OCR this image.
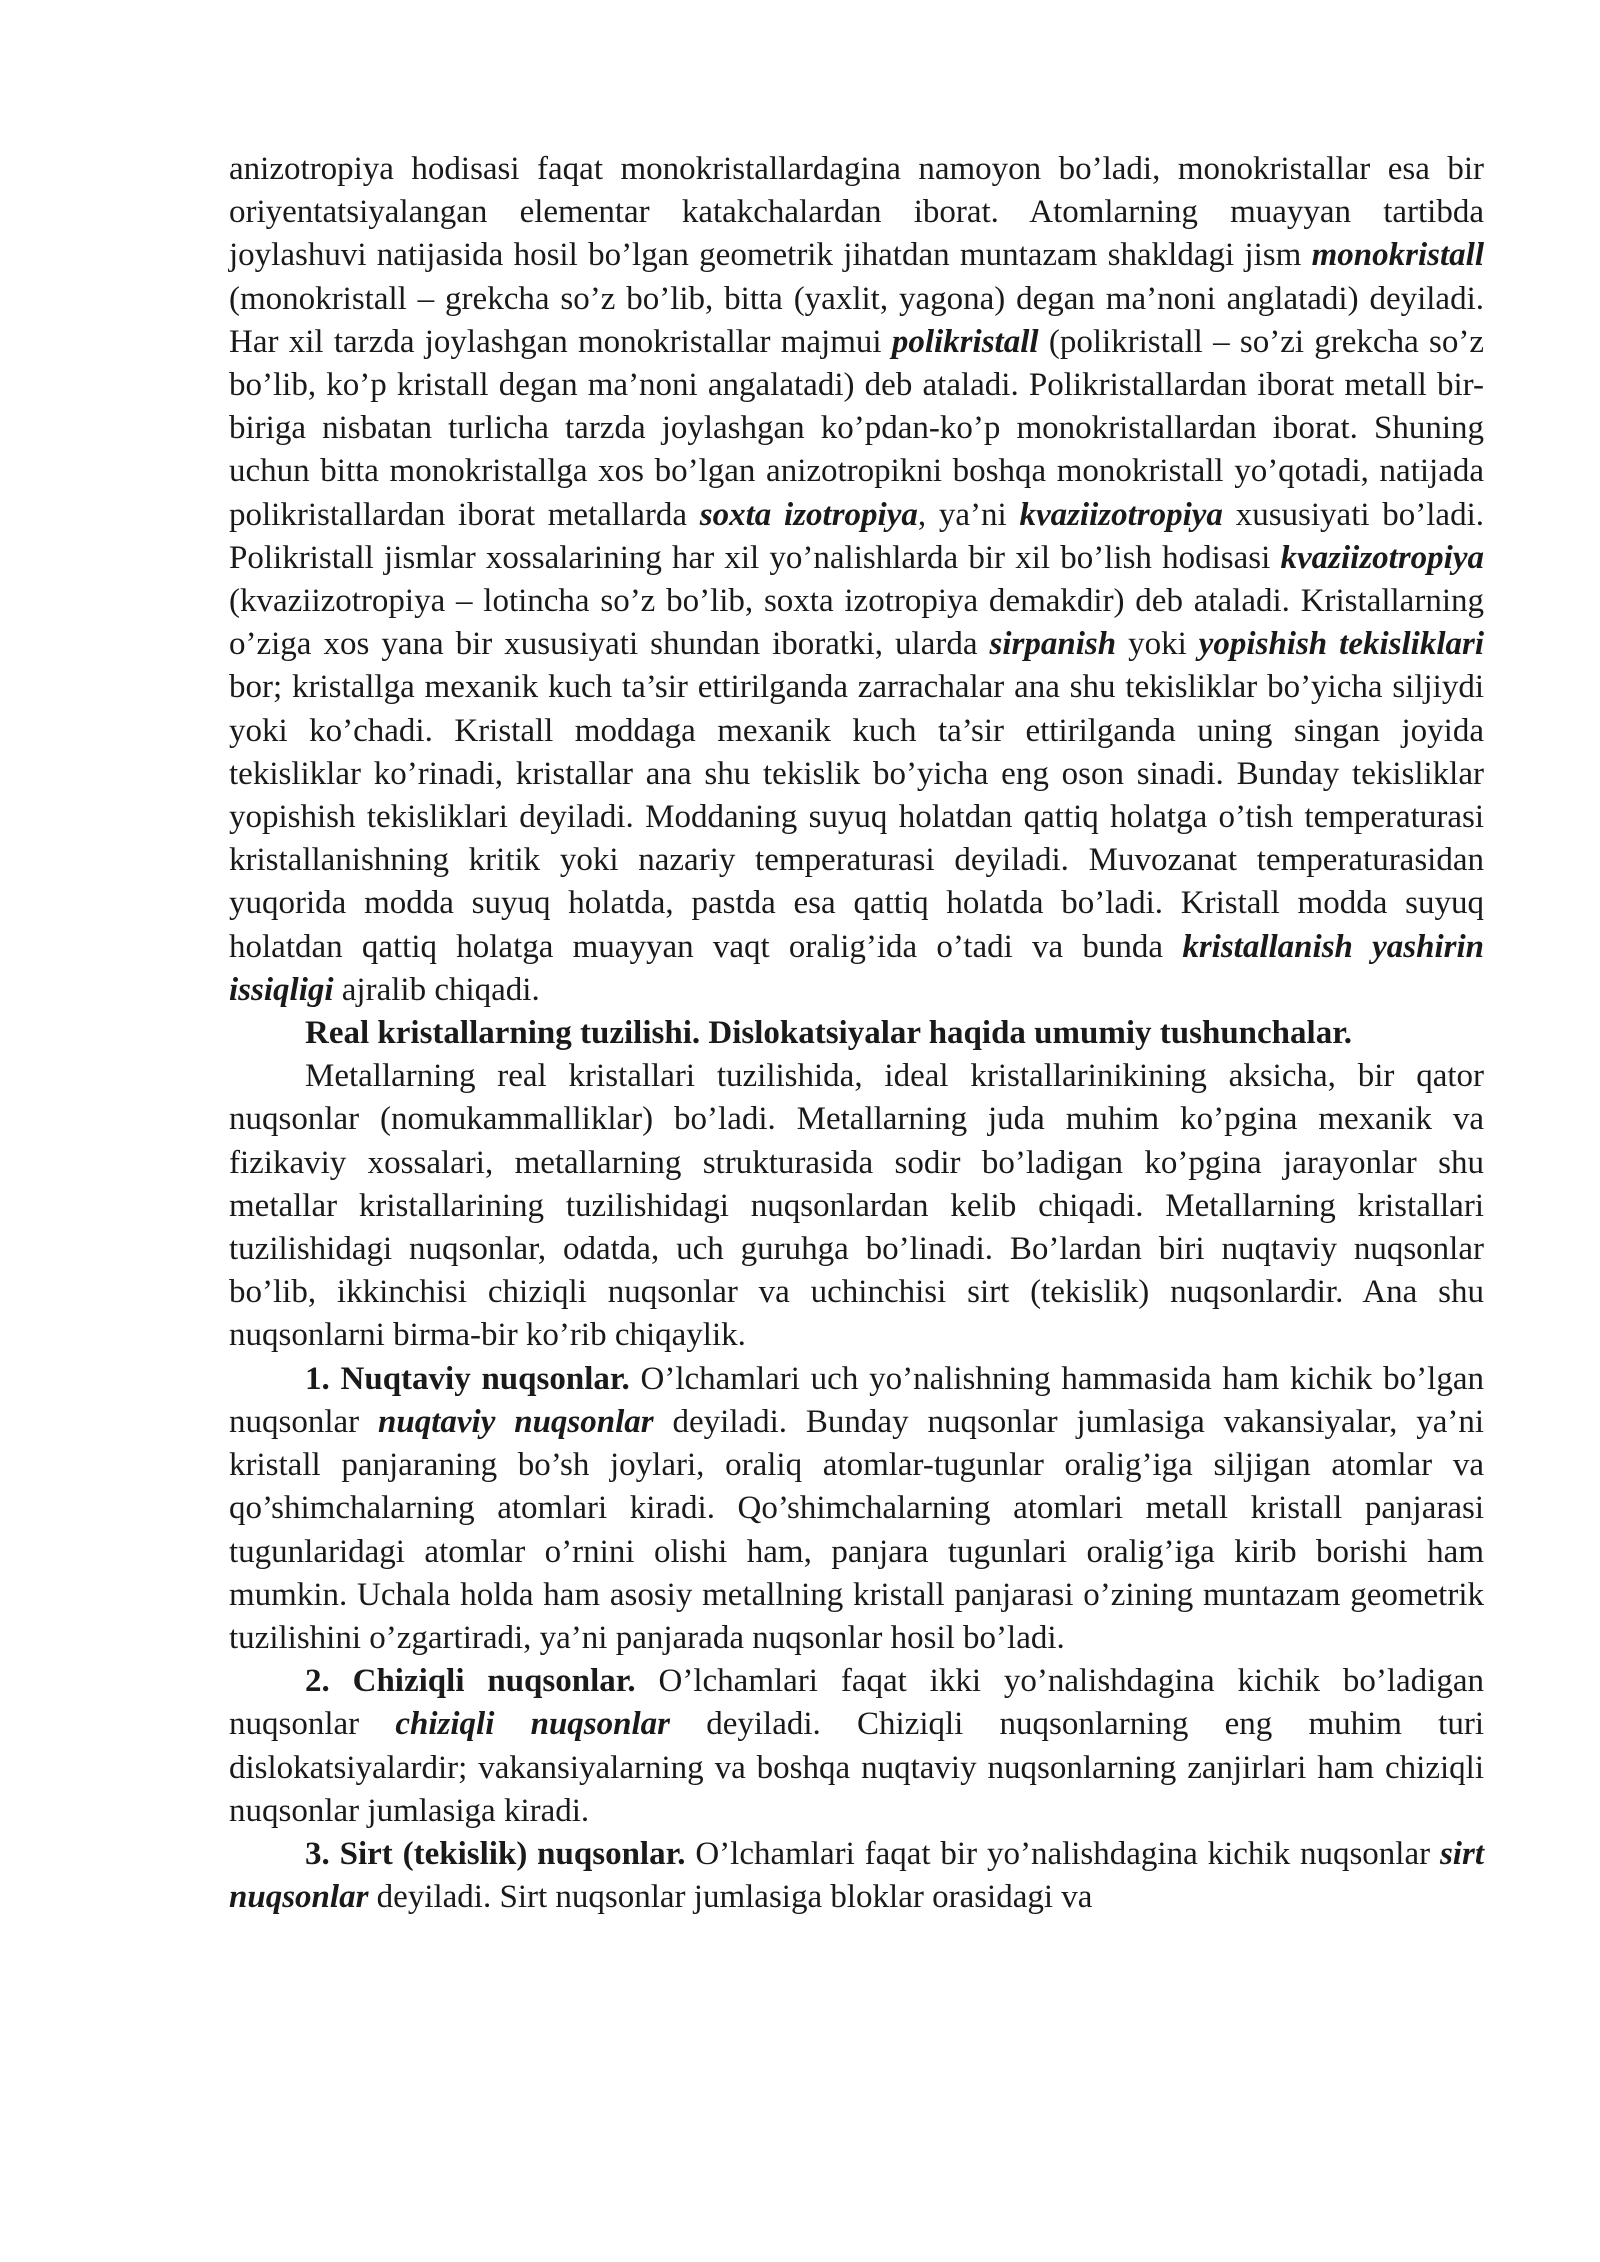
anizotropiya hodisasi faqat monokristallardagina namoyon bo’ladi, monokristallar esa bir oriyentatsiyalangan elementar katakchalardan iborat. Atomlarning muayyan tartibda joylashuvi natijasida hosil bo’lgan geometrik jihatdan muntazam shakldagi jism monokristall (monokristall – grekcha so’z bo’lib, bitta (yaxlit, yagona) degan ma’noni anglatadi) deyiladi. Har xil tarzda joylashgan monokristallar majmui polikristall (polikristall – so’zi grekcha so’z bo’lib, ko’p kristall degan ma’noni angalatadi) deb ataladi. Polikristallardan iborat metall bir-biriga nisbatan turlicha tarzda joylashgan ko’pdan-ko’p monokristallardan iborat. Shuning uchun bitta monokristallga xos bo’lgan anizotropikni boshqa monokristall yo’qotadi, natijada polikristallardan iborat metallarda soxta izotropiya, ya’ni kvaziizotropiya xususiyati bo’ladi. Polikristall jismlar xossalarining har xil yo’nalishlarda bir xil bo’lish hodisasi kvaziizotropiya (kvaziizotropiya – lotincha so’z bo’lib, soxta izotropiya demakdir) deb ataladi. Kristallarning o’ziga xos yana bir xususiyati shundan iboratki, ularda sirpanish yoki yopishish tekisliklari bor; kristallga mexanik kuch ta’sir ettirilganda zarrachalar ana shu tekisliklar bo’yicha siljiydi yoki ko’chadi. Kristall moddaga mexanik kuch ta’sir ettirilganda uning singan joyida tekisliklar ko’rinadi, kristallar ana shu tekislik bo’yicha eng oson sinadi. Bunday tekisliklar yopishish tekisliklari deyiladi. Moddaning suyuq holatdan qattiq holatga o’tish temperaturasi kristallanishning kritik yoki nazariy temperaturasi deyiladi. Muvozanat temperaturasidan yuqorida modda suyuq holatda, pastda esa qattiq holatda bo’ladi. Kristall modda suyuq holatdan qattiq holatga muayyan vaqt oralig’ida o’tadi va bunda kristallanish yashirin issiqligi ajralib chiqadi.

Real kristallarning tuzilishi. Dislokatsiyalar haqida umumiy tushunchalar.

Metallarning real kristallari tuzilishida, ideal kristallarinikining aksicha, bir qator nuqsonlar (nomukammalliklar) bo’ladi. Metallarning juda muhim ko’pgina mexanik va fizikaviy xossalari, metallarning strukturasida sodir bo’ladigan ko’pgina jarayonlar shu metallar kristallarining tuzilishidagi nuqsonlardan kelib chiqadi. Metallarning kristallari tuzilishidagi nuqsonlar, odatda, uch guruhga bo’linadi. Bo’lardan biri nuqtaviy nuqsonlar bo’lib, ikkinchisi chiziqli nuqsonlar va uchinchisi sirt (tekislik) nuqsonlardir. Ana shu nuqsonlarni birma-bir ko’rib chiqaylik.

1. Nuqtaviy nuqsonlar. O’lchamlari uch yo’nalishning hammasida ham kichik bo’lgan nuqsonlar nuqtaviy nuqsonlar deyiladi. Bunday nuqsonlar jumlasiga vakansiyalar, ya’ni kristall panjaraning bo’sh joylari, oraliq atomlar-tugunlar oralig’iga siljigan atomlar va qo’shimchalarning atomlari kiradi. Qo’shimchalarning atomlari metall kristall panjarasi tugunlaridagi atomlar o’rnini olishi ham, panjara tugunlari oralig’iga kirib borishi ham mumkin. Uchala holda ham asosiy metallning kristall panjarasi o’zining muntazam geometrik tuzilishini o’zgartiradi, ya’ni panjarada nuqsonlar hosil bo’ladi.

2. Chiziqli nuqsonlar. O’lchamlari faqat ikki yo’nalishdagina kichik bo’ladigan nuqsonlar chiziqli nuqsonlar deyiladi. Chiziqli nuqsonlarning eng muhim turi dislokatsiyalardir; vakansiyalarning va boshqa nuqtaviy nuqsonlarning zanjirlari ham chiziqli nuqsonlar jumlasiga kiradi.

3. Sirt (tekislik) nuqsonlar. O’lchamlari faqat bir yo’nalishdagina kichik nuqsonlar sirt nuqsonlar deyiladi. Sirt nuqsonlar jumlasiga bloklar orasidagi va
